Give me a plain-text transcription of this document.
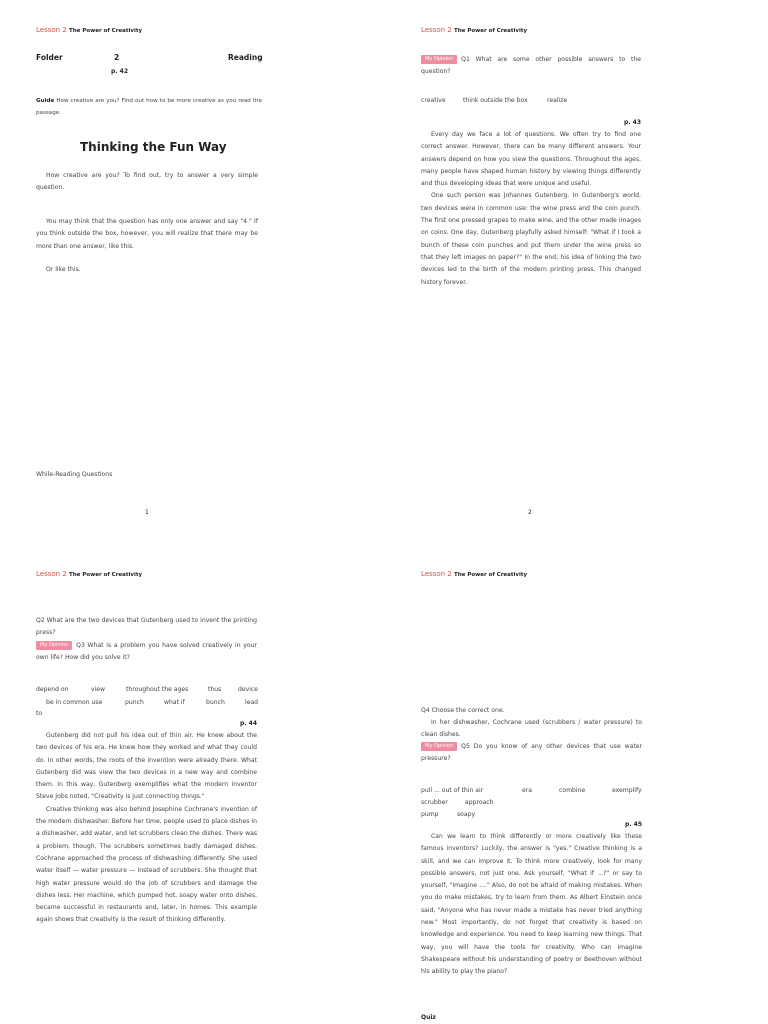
Lesson 2 The Power of Creativity
Folder	2	Reading
p. 42
Guide How creative are you? Find out how to be more creative as you read the passage.
Thinking the Fun Way

How creative are you? To find out, try to answer a very simple question.

You may think that the question has only one answer and say "4." If you think outside the box, however, you will realize that there may be more than one answer, like this.

Or like this.

While-Reading Questions
1
Lesson 2 The Power of Creativity
My Opinion Q1 What are some other possible answers to the question?
creative	think outside the box	realize
p. 43

Every day we face a lot of questions. We often try to find one correct answer. However, there can be many different answers. Your answers depend on how you view the questions. Throughout the ages, many people have shaped human history by viewing things differently and thus developing ideas that were unique and useful.

One such person was Johannes Gutenberg. In Gutenberg's world, two devices were in common use: the wine press and the coin punch. The first one pressed grapes to make wine, and the other made images on coins. One day, Gutenberg playfully asked himself: "What if I took a bunch of these coin punches and put them under the wine press so that they left images on paper?" In the end, his idea of linking the two devices led to the birth of the modern printing press. This changed history forever.

2
Lesson 2 The Power of Creativity
Q2 What are the two devices that Gutenberg used to invent the printing press?
My Opinion Q3 What is a problem you have solved creatively in your own life? How did you solve it?
depend on	view	throughout the ages	thus	device
be in common use	punch	what if	bunch	lead
to
p. 44

Gutenberg did not pull his idea out of thin air. He knew about the two devices of his era. He knew how they worked and what they could do. In other words, the roots of the invention were already there. What Gutenberg did was view the two devices in a new way and combine them. In this way, Gutenberg exemplifies what the modern inventor Steve Jobs noted, "Creativity is just connecting things."

Creative thinking was also behind Josephine Cochrane's invention of the modern dishwasher. Before her time, people used to place dishes in a dishwasher, add water, and let scrubbers clean the dishes. There was a problem, though. The scrubbers sometimes badly damaged dishes. Cochrane approached the process of dishwashing differently. She used water itself — water pressure — instead of scrubbers. She thought that high water pressure would do the job of scrubbers and damage the dishes less. Her machine, which pumped hot, soapy water onto dishes, became successful in restaurants and, later, in homes. This example again shows that creativity is the result of thinking differently.

Lesson 2 The Power of Creativity
Q4 Choose the correct one.

In her dishwasher, Cochrane used (scrubbers / water pressure) to clean dishes.

My Opinion Q5 Do you know of any other devices that use water pressure?
pull ... out of thin air	era	combine	exemplify
scrubber	approach
pump	soapy
p. 45

Can we learn to think differently or more creatively like these famous inventors? Luckily, the answer is "yes." Creative thinking is a skill, and we can improve it. To think more creatively, look for many possible answers, not just one. Ask yourself, "What if ...?" or say to yourself, "Imagine ...." Also, do not be afraid of making mistakes. When you do make mistakes, try to learn from them. As Albert Einstein once said, "Anyone who has never made a mistake has never tried anything new." Most importantly, do not forget that creativity is based on knowledge and experience. You need to keep learning new things. That way, you will have the tools for creativity. Who can imagine Shakespeare without his understanding of poetry or Beethoven without his ability to play the piano?

Quiz
